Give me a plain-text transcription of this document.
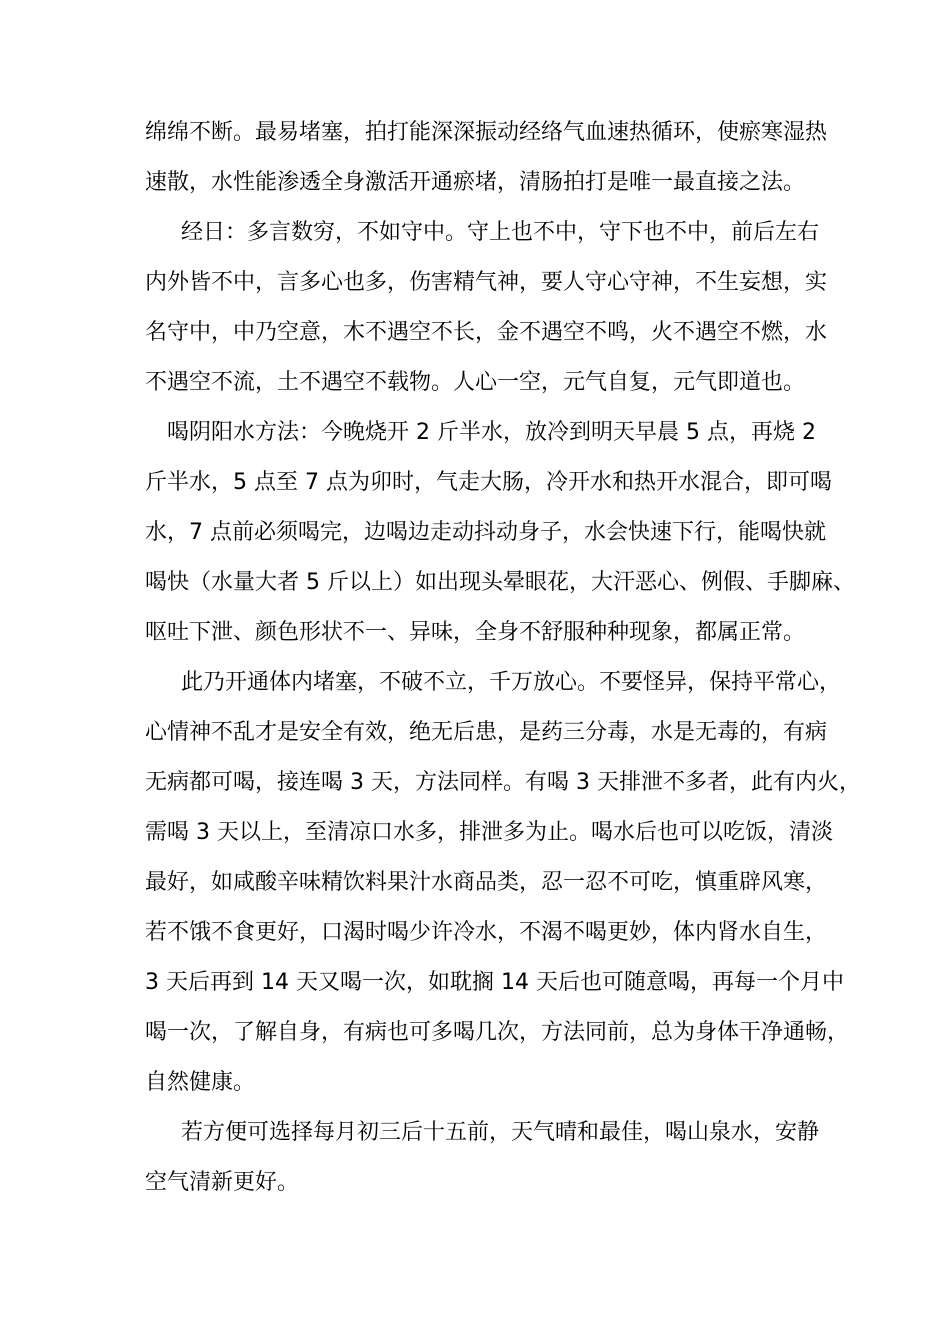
绵绵不断。最易堵塞，拍打能深深振动经络气血速热循环，使瘀寒湿热
速散，水性能渗透全身激活开通瘀堵，清肠拍打是唯一最直接之法。
经日：多言数穷，不如守中。守上也不中，守下也不中，前后左右
内外皆不中，言多心也多，伤害精气神，要人守心守神，不生妄想，实
名守中，中乃空意，木不遇空不长，金不遇空不鸣，火不遇空不燃，水
不遇空不流，土不遇空不载物。人心一空，元气自复，元气即道也。
喝阴阳水方法：今晚烧开 2 斤半水，放冷到明天早晨 5 点，再烧 2
斤半水，5 点至 7 点为卯时，气走大肠，冷开水和热开水混合，即可喝
水，7 点前必须喝完，边喝边走动抖动身子，水会快速下行，能喝快就
喝快（水量大者 5 斤以上）如出现头晕眼花，大汗恶心、例假、手脚麻、
呕吐下泄、颜色形状不一、异味，全身不舒服种种现象，都属正常。
此乃开通体内堵塞，不破不立，千万放心。不要怪异，保持平常心，
心情神不乱才是安全有效，绝无后患，是药三分毒，水是无毒的，有病
无病都可喝，接连喝 3 天，方法同样。有喝 3 天排泄不多者，此有内火，
需喝 3 天以上，至清凉口水多，排泄多为止。喝水后也可以吃饭，清淡
最好，如咸酸辛味精饮料果汁水商品类，忍一忍不可吃，慎重辟风寒，
若不饿不食更好，口渴时喝少许冷水，不渴不喝更妙，体内肾水自生，
3 天后再到 14 天又喝一次，如耽搁 14 天后也可随意喝，再每一个月中
喝一次，了解自身，有病也可多喝几次，方法同前，总为身体干净通畅，
自然健康。
若方便可选择每月初三后十五前，天气晴和最佳，喝山泉水，安静
空气清新更好。
